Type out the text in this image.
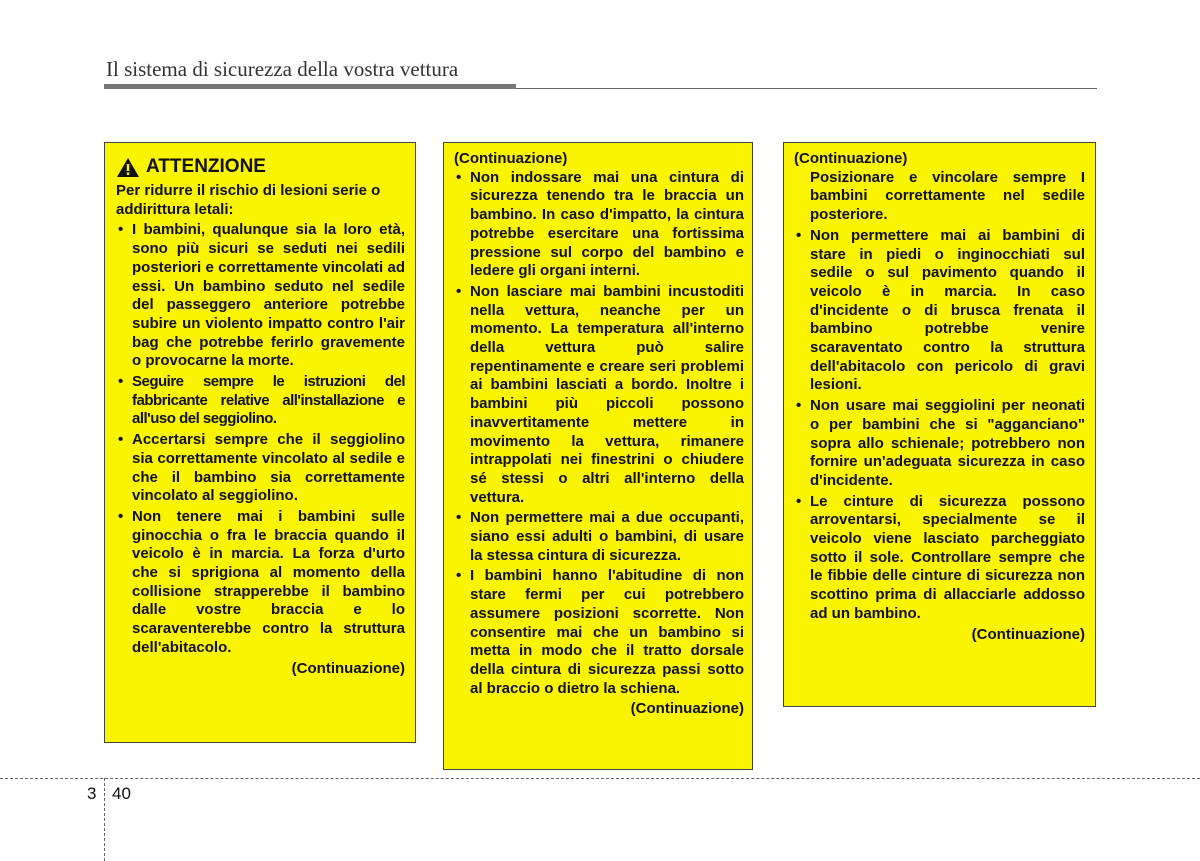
Il sistema di sicurezza della vostra vettura
ATTENZIONE
Per ridurre il rischio di lesioni serie o addirittura letali:
• I bambini, qualunque sia la loro età, sono più sicuri se seduti nei sedili posteriori e correttamente vincolati ad essi. Un bambino seduto nel sedile del passeggero anteriore potrebbe subire un violento impatto contro l'air bag che potrebbe ferirlo gravemente o provocarne la morte.
• Seguire sempre le istruzioni del fabbricante relative all'installazione e all'uso del seggiolino.
• Accertarsi sempre che il seggiolino sia correttamente vincolato al sedile e che il bambino sia correttamente vincolato al seggiolino.
• Non tenere mai i bambini sulle ginocchia o fra le braccia quando il veicolo è in marcia. La forza d'urto che si sprigiona al momento della collisione strapperebbe il bambino dalle vostre braccia e lo scaraventerebbe contro la struttura dell'abitacolo.
(Continuazione)
(Continuazione)
• Non indossare mai una cintura di sicurezza tenendo tra le braccia un bambino. In caso d'impatto, la cintura potrebbe esercitare una fortissima pressione sul corpo del bambino e ledere gli organi interni.
• Non lasciare mai bambini incustoditi nella vettura, neanche per un momento. La temperatura all'interno della vettura può salire repentinamente e creare seri problemi ai bambini lasciati a bordo. Inoltre i bambini più piccoli possono inavvertitamente mettere in movimento la vettura, rimanere intrappolati nei finestrini o chiudere sé stessi o altri all'interno della vettura.
• Non permettere mai a due occupanti, siano essi adulti o bambini, di usare la stessa cintura di sicurezza.
• I bambini hanno l'abitudine di non stare fermi per cui potrebbero assumere posizioni scorrette. Non consentire mai che un bambino si metta in modo che il tratto dorsale della cintura di sicurezza passi sotto al braccio o dietro la schiena.
(Continuazione)
(Continuazione)
Posizionare e vincolare sempre I bambini correttamente nel sedile posteriore.
• Non permettere mai ai bambini di stare in piedi o inginocchiati sul sedile o sul pavimento quando il veicolo è in marcia. In caso d'incidente o di brusca frenata il bambino potrebbe venire scaraventato contro la struttura dell'abitacolo con pericolo di gravi lesioni.
• Non usare mai seggiolini per neonati o per bambini che si "agganciano" sopra allo schienale; potrebbero non fornire un'adeguata sicurezza in caso d'incidente.
• Le cinture di sicurezza possono arroventarsi, specialmente se il veicolo viene lasciato parcheggiato sotto il sole. Controllare sempre che le fibbie delle cinture di sicurezza non scottino prima di allacciarle addosso ad un bambino.
(Continuazione)
3 40
